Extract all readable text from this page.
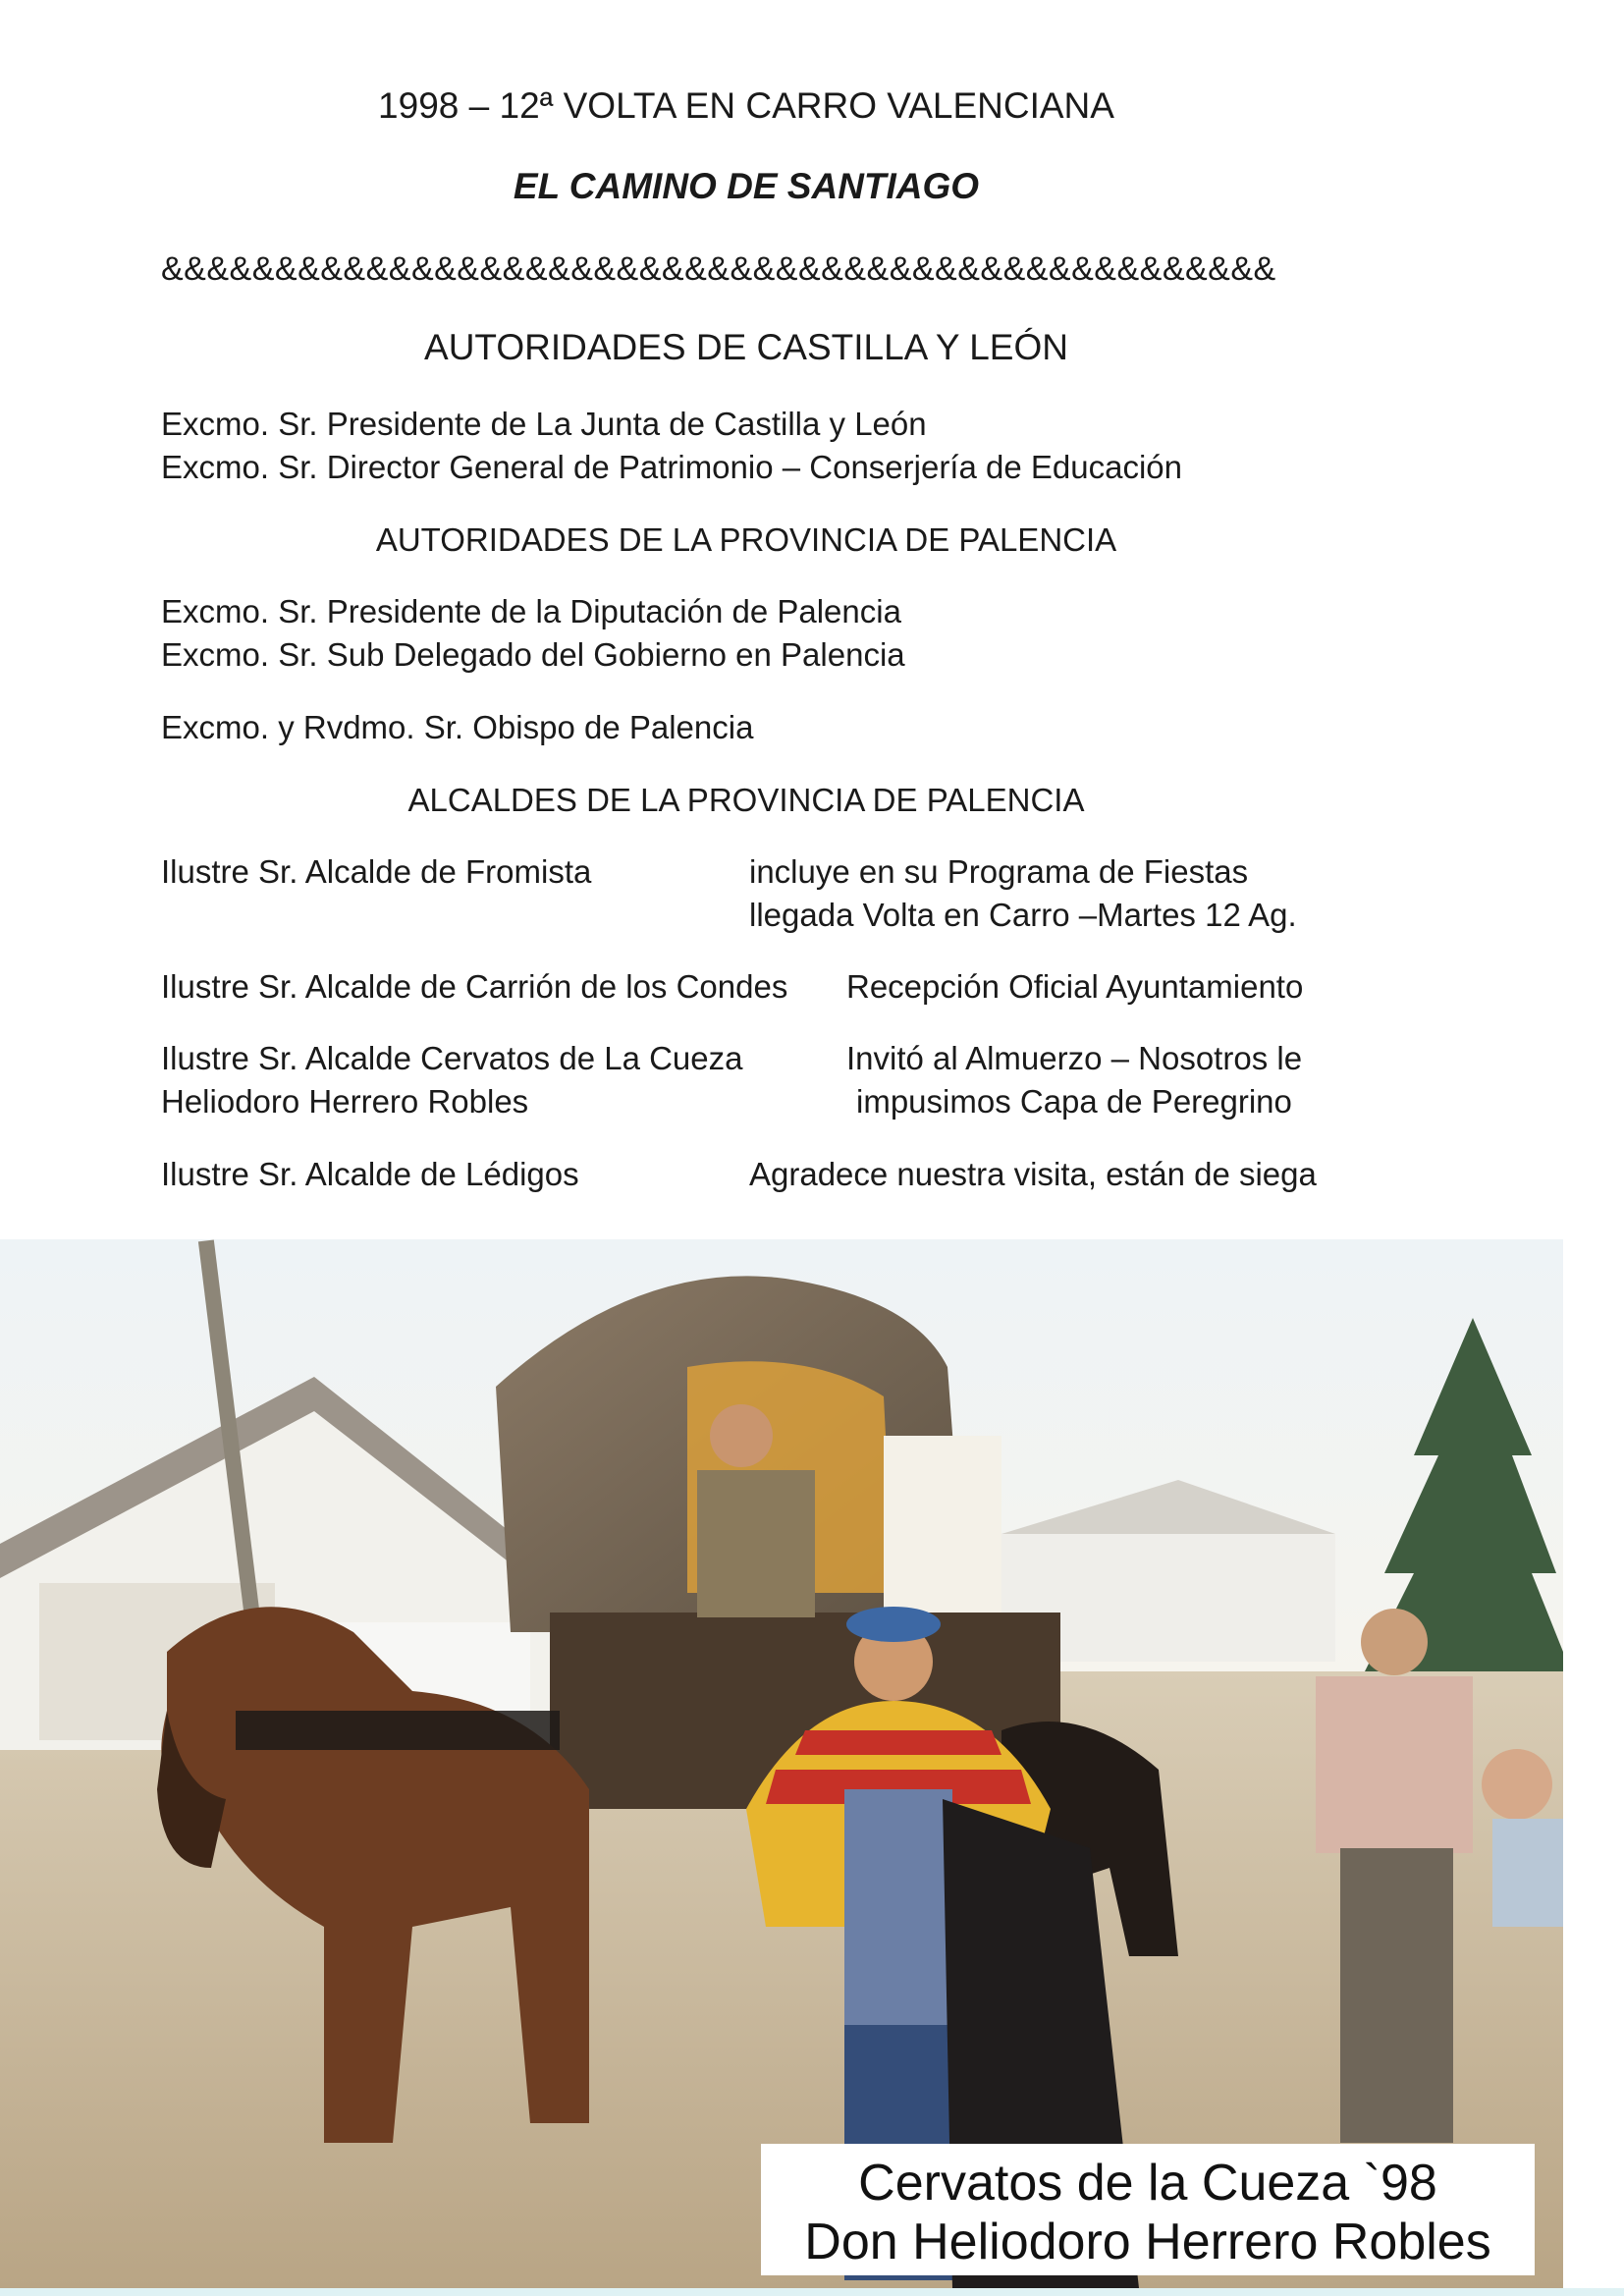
1998 – 12ª VOLTA EN CARRO VALENCIANA
EL CAMINO DE SANTIAGO
&&&&&&&&&&&&&&&&&&&&&&&&&&&&&&&&&&&&&&&&&&&&&&&&&
AUTORIDADES DE CASTILLA Y LEÓN
Excmo. Sr. Presidente de La Junta de Castilla y León
Excmo. Sr. Director General de Patrimonio – Conserjería de Educación
AUTORIDADES DE LA PROVINCIA DE PALENCIA
Excmo. Sr. Presidente de la Diputación de Palencia
Excmo. Sr. Sub Delegado del Gobierno en Palencia
Excmo. y Rvdmo. Sr. Obispo de Palencia
ALCALDES DE LA PROVINCIA DE PALENCIA
Ilustre Sr. Alcalde de Fromista	incluye en su Programa de Fiestas
llegada Volta en Carro –Martes 12 Ag.
Ilustre Sr. Alcalde de Carrión de los Condes Recepción Oficial Ayuntamiento
Ilustre Sr. Alcalde Cervatos de La Cueza
Heliodoro Herrero Robles
Invitó al Almuerzo – Nosotros le
impusimos Capa de Peregrino
Ilustre Sr. Alcalde de Lédigos	Agradece nuestra visita, están de siega
Cervatos de la Cueza `98
Don Heliodoro Herrero Robles
